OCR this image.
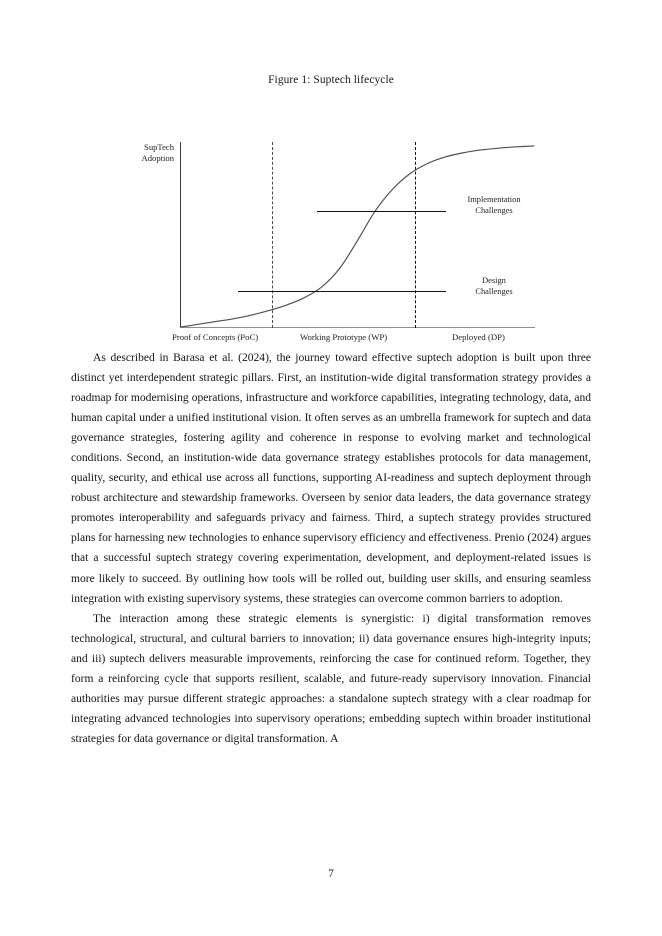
Figure 1: Suptech lifecycle
SupTech
Adoption
Implementation
Challenges
Design
Challenges
Proof of Concepts (PoC)	Working Prototype (WP)	Deployed (DP)

As described in Barasa et al. (2024), the journey toward effective suptech adoption is built upon three distinct yet interdependent strategic pillars. First, an institution-wide digital transformation strategy provides a roadmap for modernising operations, infrastructure and workforce capabilities, integrating technology, data, and human capital under a unified institutional vision. It often serves as an umbrella framework for suptech and data governance strategies, fostering agility and coherence in response to evolving market and technological conditions. Second, an institution-wide data governance strategy establishes protocols for data management, quality, security, and ethical use across all functions, supporting AI-readiness and suptech deployment through robust architecture and stewardship frameworks. Overseen by senior data leaders, the data governance strategy promotes interoperability and safeguards privacy and fairness. Third, a suptech strategy provides structured plans for harnessing new technologies to enhance supervisory efficiency and effectiveness. Prenio (2024) argues that a successful suptech strategy covering experimentation, development, and deployment-related issues is more likely to succeed. By outlining how tools will be rolled out, building user skills, and ensuring seamless integration with existing supervisory systems, these strategies can overcome common barriers to adoption.

The interaction among these strategic elements is synergistic: i) digital transformation removes technological, structural, and cultural barriers to innovation; ii) data governance ensures high-integrity inputs; and iii) suptech delivers measurable improvements, reinforcing the case for continued reform. Together, they form a reinforcing cycle that supports resilient, scalable, and future-ready supervisory innovation. Financial authorities may pursue different strategic approaches: a standalone suptech strategy with a clear roadmap for integrating advanced technologies into supervisory operations; embedding suptech within broader institutional strategies for data governance or digital transformation. A

7
